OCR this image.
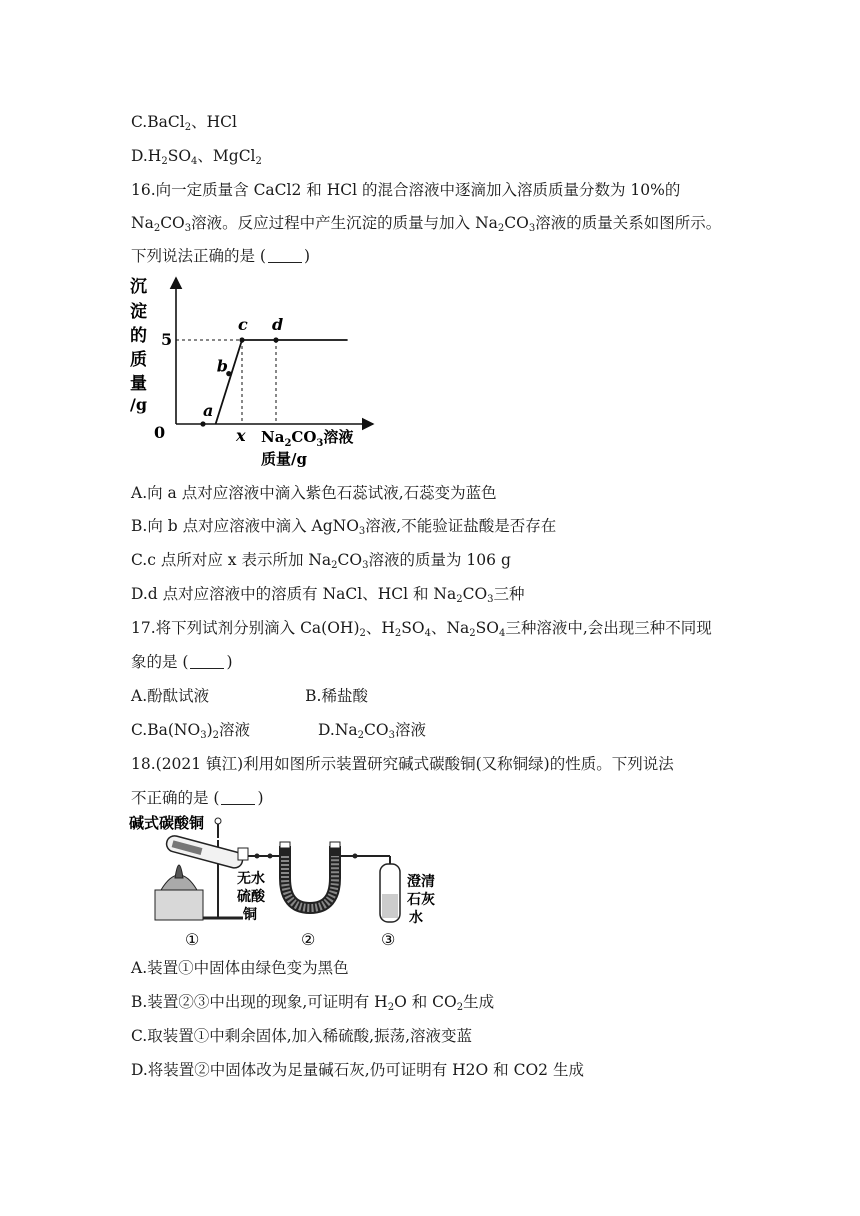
C.BaCl$_2$、HCl
$D.H_2SO_4$、MgCl$_2$
16.向一定质量含 CaCl2 和 HCl 的混合溶液中逐滴加入溶质质量分数为 10%的
$Na_2CO_3$溶液。反应过程中产生沉淀的质量与加入 $Na_2CO_3$溶液的质量关系如图所示。
下列说法正确的是 ( )
沉
淀
的
质
量
/g	a
b
c d
5
0	x $Na_2CO_3$溶液
质量/g
A.向 a 点对应溶液中滴入紫色石蕊试液,石蕊变为蓝色
B.向 b 点对应溶液中滴入 AgNO$_3$溶液,不能验证盐酸是否存在
C.c 点所对应 x 表示所加 $Na_2CO_3$溶液的质量为 106 g
D.d 点对应溶液中的溶质有 NaCl、HCl 和 $Na_2CO_3$三种
17.将下列试剂分别滴入 $Ca(OH)_2$、$H_2SO_4$、$Na_2SO_4$三种溶液中,会出现三种不同现
象的是 ( )
A.酚酞试液	B.稀盐酸
$C.Ba(NO_3)_2$溶液	$D.Na_2CO_3$溶液
18.(2021 镇江)利用如图所示装置研究碱式碳酸铜(又称铜绿)的性质。下列说法
不正确的是 ( )
碱式碳酸铜
无水
硫酸
铜
澄清
石灰
水
①	②	③
A.装置①中固体由绿色变为黑色
B.装置②③中出现的现象,可证明有 $H_2O$ 和 $CO_2$生成
C.取装置①中剩余固体,加入稀硫酸,振荡,溶液变蓝
D.将装置②中固体改为足量碱石灰,仍可证明有 H2O 和 CO2 生成
